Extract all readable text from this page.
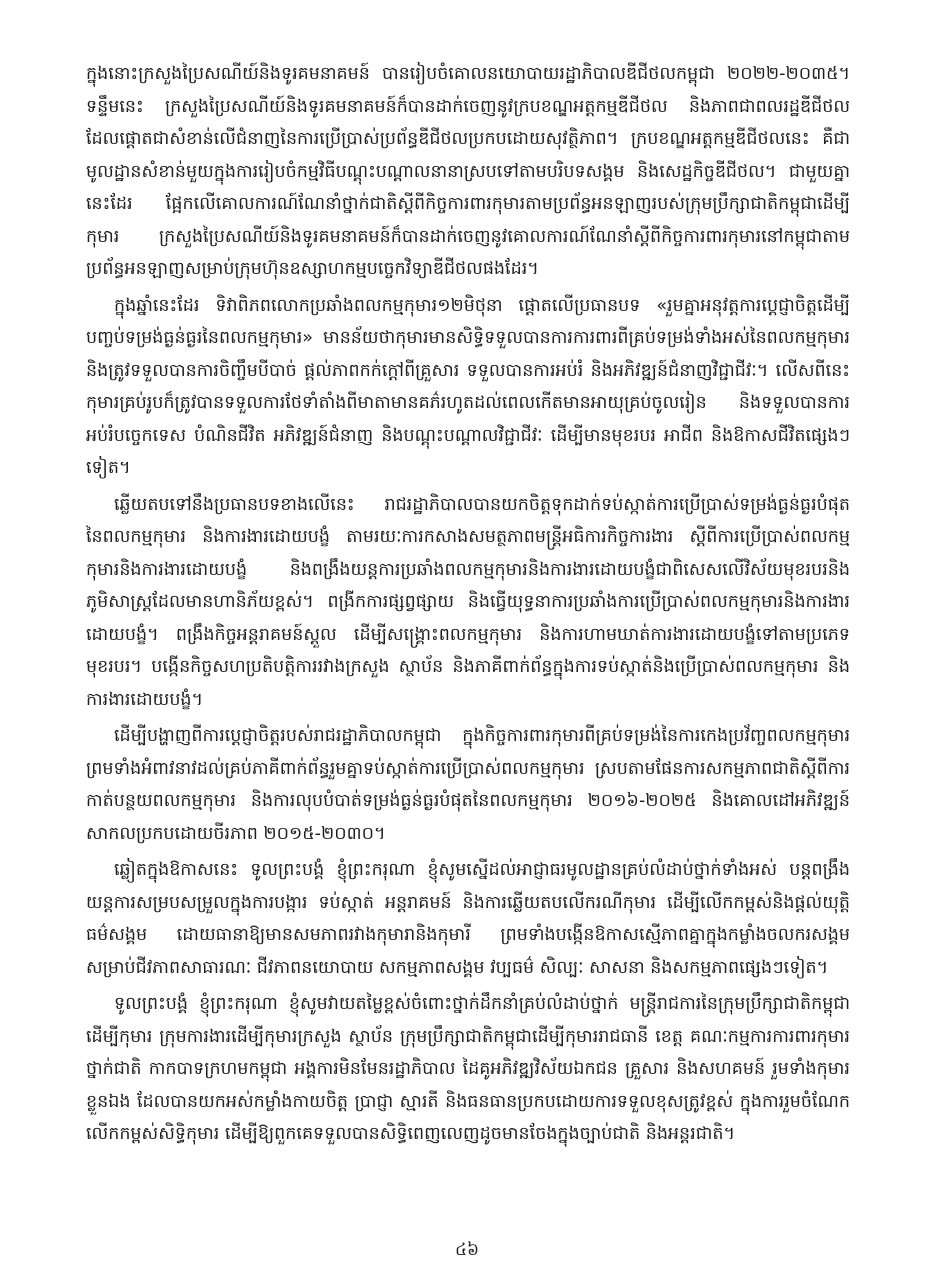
ក្នុងនោះក្រសួងប្រៃសណីយ៍និងទូរគមនាគមន៍ បានរៀបចំគោលនយោបាយរដ្ឋាភិបាលឌីជីថលកម្ពុជា ២០២២-២០៣៥។ ទន្ទឹមនេះ ក្រសួងប្រៃសណីយ៍និងទូរគមនាគមន៍ក៏បានដាក់ចេញនូវក្របខណ្ឌអត្តកម្មឌីជីថល និងភាពជាពលរដ្ឋឌីជីថល ដែលផ្ដោតជាសំខាន់លើជំនាញនៃការប្រើប្រាស់ប្រព័ន្ធឌីជីថលប្រកបដោយសុវត្ថិភាព។ ក្របខណ្ឌអត្តកម្មឌីជីថលនេះ គឺជាមូលដ្ឋានសំខាន់មួយក្នុងការរៀបចំកម្មវិធីបណ្ដុះបណ្ដាលនានាស្របទៅតាមបរិបទសង្គម និងសេដ្ឋកិច្ចឌីជីថល។ ជាមួយគ្នានេះដែរ ផ្អែកលើគោលការណ៍ណែនាំថ្នាក់ជាតិស្ដីពីកិច្ចការពារកុមារតាមប្រព័ន្ធអនឡាញរបស់ក្រុមប្រឹក្សាជាតិកម្ពុជាដើម្បីកុមារ ក្រសួងប្រៃសណីយ៍និងទូរគមនាគមន៍ក៏បានដាក់ចេញនូវគោលការណ៍ណែនាំស្ដីពីកិច្ចការពារកុមារនៅកម្ពុជាតាមប្រព័ន្ធអនឡាញសម្រាប់ក្រុមហ៊ុនឧស្សាហកម្មបច្ចេកវិទ្យាឌីជីថលផងដែរ។

ក្នុងឆ្នាំនេះដែរ ទិវាពិភពលោកប្រឆាំងពលកម្មកុមារ១២មិថុនា ផ្ដោតលើប្រធានបទ «រួមគ្នាអនុវត្តការប្ដេជ្ញាចិត្តដើម្បីបញ្ចប់ទម្រង់ធ្ងន់ធ្ងរនៃពលកម្មកុមារ» មានន័យថាកុមារមានសិទ្ធិទទួលបានការការពារពីគ្រប់ទម្រង់ទាំងអស់នៃពលកម្មកុមារ និងត្រូវទទួលបានការចិញ្ចឹមបីបាច់ ផ្ដល់ភាពកក់ក្ដៅពីគ្រួសារ ទទួលបានការអប់រំ និងអភិវឌ្ឍន៍ជំនាញវិជ្ជាជីវៈ។ លើសពីនេះ កុមារគ្រប់រូបក៏ត្រូវបានទទួលការថែទាំតាំងពីមាតាមានគភ៌រហូតដល់ពេលកើតមានអាយុគ្រប់ចូលរៀន និងទទួលបានការអប់រំបច្ចេកទេស បំណិនជីវិត អភិវឌ្ឍន៍ជំនាញ និងបណ្ដុះបណ្ដាលវិជ្ជាជីវៈ ដើម្បីមានមុខរបរ អាជីព និងឱកាសជីវិតផ្សេងៗទៀត។

ឆ្លើយតបទៅនឹងប្រធានបទខាងលើនេះ រាជរដ្ឋាភិបាលបានយកចិត្តទុកដាក់ទប់ស្កាត់ការប្រើប្រាស់ទម្រង់ធ្ងន់ធ្ងរបំផុតនៃពលកម្មកុមារ និងការងារដោយបង្ខំ តាមរយៈការកសាងសមត្ថភាពមន្ត្រីអធិការកិច្ចការងារ ស្ដីពីការប្រើប្រាស់ពលកម្មកុមារនិងការងារដោយបង្ខំ និងពង្រឹងយន្តការប្រឆាំងពលកម្មកុមារនិងការងារដោយបង្ខំជាពិសេសលើវិស័យមុខរបរនិងភូមិសាស្ត្រដែលមានហានិភ័យខ្ពស់។ ពង្រីកការផ្សព្វផ្សាយ និងធ្វើយុទ្ធនាការប្រឆាំងការប្រើប្រាស់ពលកម្មកុមារនិងការងារដោយបង្ខំ។ ពង្រឹងកិច្ចអន្តរាគមន៍ស្តួល ដើម្បីសង្គ្រោះពលកម្មកុមារ និងការហាមឃាត់ការងារដោយបង្ខំទៅតាមប្រភេទមុខរបរ។ បង្កើនកិច្ចសហប្រតិបត្តិការរវាងក្រសួង ស្ថាប័ន និងភាគីពាក់ព័ន្ធក្នុងការទប់ស្កាត់និងប្រើប្រាស់ពលកម្មកុមារ និងការងារដោយបង្ខំ។

ដើម្បីបង្ហាញពីការប្ដេជ្ញាចិត្តរបស់រាជរដ្ឋាភិបាលកម្ពុជា ក្នុងកិច្ចការពារកុមារពីគ្រប់ទម្រង់នៃការកេងប្រវ័ញ្ចពលកម្មកុមារ ព្រមទាំងអំពាវនាវដល់គ្រប់ភាគីពាក់ព័ន្ធរួមគ្នាទប់ស្កាត់ការប្រើប្រាស់ពលកម្មកុមារ ស្របតាមផែនការសកម្មភាពជាតិស្ដីពីការកាត់បន្ថយពលកម្មកុមារ និងការលុបបំបាត់ទម្រង់ធ្ងន់ធ្ងរបំផុតនៃពលកម្មកុមារ ២០១៦-២០២៥ និងគោលដៅអភិវឌ្ឍន៍សាកលប្រកបដោយចីរភាព ២០១៥-២០៣០។

ឆ្លៀតក្នុងឱកាសនេះ ទូលព្រះបង្គំ ខ្ញុំព្រះករុណា ខ្ញុំសូមស្នើដល់អាជ្ញាធរមូលដ្ឋានគ្រប់លំដាប់ថ្នាក់ទាំងអស់ បន្តពង្រឹងយន្តការសម្របសម្រួលក្នុងការបង្ការ ទប់ស្កាត់ អន្តរាគមន៍ និងការឆ្លើយតបលើករណីកុមារ ដើម្បីលើកកម្ពស់និងផ្ដល់យុត្តិធម៌សង្គម ដោយធានាឱ្យមានសមភាពរវាងកុមារានិងកុមារី ព្រមទាំងបង្កើនឱកាសស្មើភាពគ្នាក្នុងកម្លាំងចលករសង្គមសម្រាប់ជីវភាពសាធារណៈ ជីវភាពនយោបាយ សកម្មភាពសង្គម វប្បធម៌ សិល្បៈ សាសនា និងសកម្មភាពផ្សេងៗទៀត។

ទូលព្រះបង្គំ ខ្ញុំព្រះករុណា ខ្ញុំសូមវាយតម្លៃខ្ពស់ចំពោះថ្នាក់ដឹកនាំគ្រប់លំដាប់ថ្នាក់ មន្ត្រីរាជការនៃក្រុមប្រឹក្សាជាតិកម្ពុជាដើម្បីកុមារ ក្រុមការងារដើម្បីកុមារក្រសួង ស្ថាប័ន ក្រុមប្រឹក្សាជាតិកម្ពុជាដើម្បីកុមាររាជធានី ខេត្ត គណៈកម្មការការពារកុមារថ្នាក់ជាតិ កាកបាទក្រហមកម្ពុជា អង្គការមិនមែនរដ្ឋាភិបាល ដៃគូអភិវឌ្ឍវិស័យឯកជន គ្រួសារ និងសហគមន៍ រួមទាំងកុមារខ្លួនឯង ដែលបានយកអស់កម្លាំងកាយចិត្ត ប្រាជ្ញា ស្មារតី និងធនធានប្រកបដោយការទទួលខុសត្រូវខ្ពស់ ក្នុងការរួមចំណែកលើកកម្ពស់សិទ្ធិកុមារ ដើម្បីឱ្យពួកគេទទួលបានសិទ្ធិពេញលេញដូចមានចែងក្នុងច្បាប់ជាតិ និងអន្តរជាតិ។

៤៦
